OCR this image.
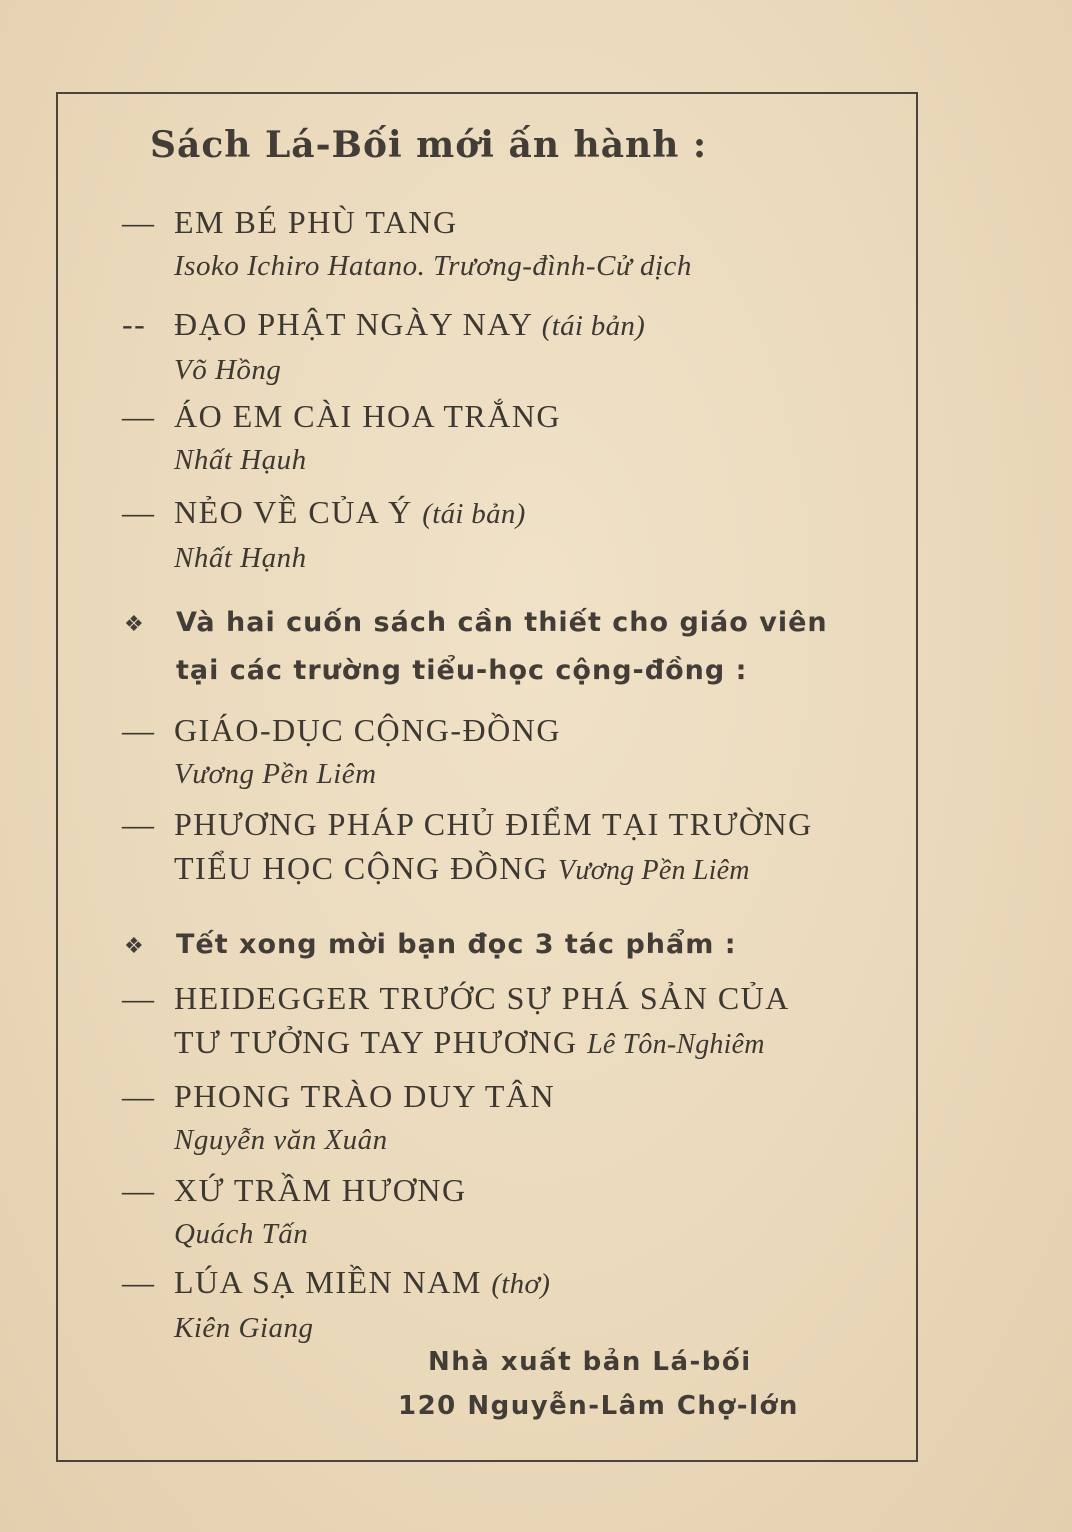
Sách Lá-Bối mới ấn hành :
— EM BÉ PHÙ TANG
Isoko Ichiro Hatano. Trương-đình-Cử dịch
-- ĐẠO PHẬT NGÀY NAY (tái bản)
Võ Hồng
— ÁO EM CÀI HOA TRẮNG
Nhất Hạuh
— NẺO VỀ CỦA Ý (tái bản)
Nhất Hạnh
❖ Và hai cuốn sách cần thiết cho giáo viên
tại các trường tiểu-học cộng-đồng :
— GIÁO-DỤC CỘNG-ĐỒNG
Vương Pền Liêm
— PHƯƠNG PHÁP CHỦ ĐIỂM TẠI TRƯỜNG
TIỂU HỌC CỘNG ĐỒNG Vương Pền Liêm
❖ Tết xong mời bạn đọc 3 tác phẩm :
— HEIDEGGER TRƯỚC SỰ PHÁ SẢN CỦA
TƯ TƯỞNG TAY PHƯƠNG Lê Tôn-Nghiêm
— PHONG TRÀO DUY TÂN
Nguyễn văn Xuân
— XỨ TRẦM HƯƠNG
Quách Tấn
— LÚA SẠ MIỀN NAM (thơ)
Kiên Giang
Nhà xuất bản Lá-bối
120 Nguyễn-Lâm Chợ-lớn
